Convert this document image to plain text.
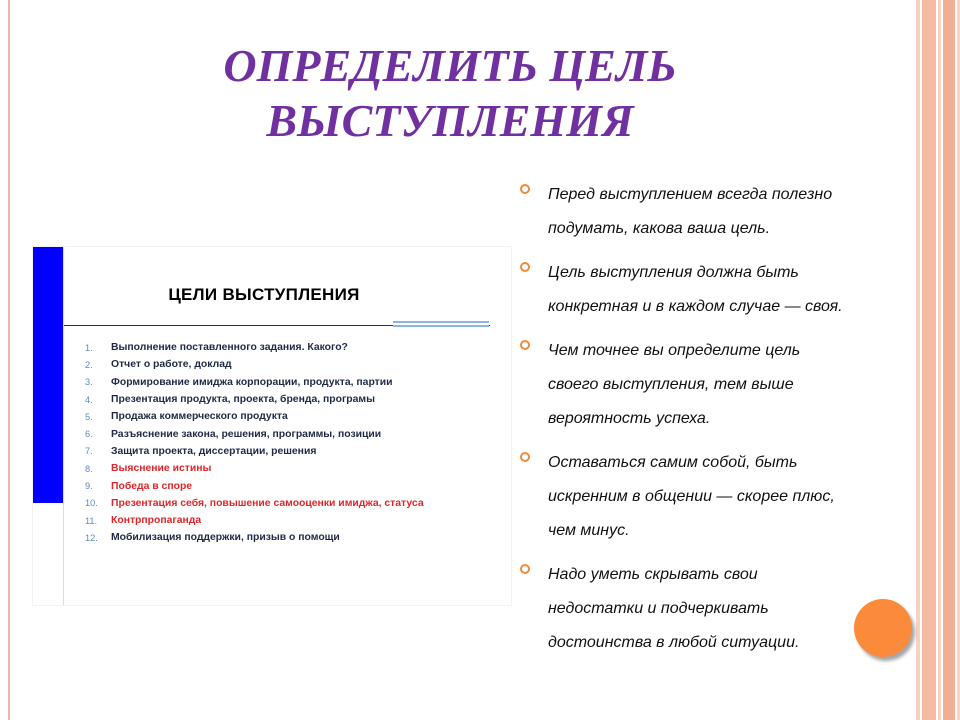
ОПРЕДЕЛИТЬ ЦЕЛЬ
ВЫСТУПЛЕНИЯ
ЦЕЛИ ВЫСТУПЛЕНИЯ
1.	Выполнение поставленного задания. Какого?
2.	Отчет о работе, доклад
3.	Формирование имиджа корпорации, продукта, партии
4.	Презентация продукта, проекта, бренда, програмы
5.	Продажа коммерческого продукта
6.	Разъяснение закона, решения, программы, позиции
7.	Защита проекта, диссертации, решения
8.	Выяснение истины
9.	Победа в споре
10.	Презентация себя, повышение самооценки имиджа, статуса
11.	Контрпропаганда
12.	Мобилизация поддержки, призыв о помощи
Перед выступлением всегда полезно
подумать, какова ваша цель.
Цель выступления должна быть
конкретная и в каждом случае — своя.
Чем точнее вы определите цель
своего выступления, тем выше
вероятность успеха.
Оставаться самим собой, быть
искренним в общении — скорее плюс,
чем минус.
Надо уметь скрывать свои
недостатки и подчеркивать
достоинства в любой ситуации.
